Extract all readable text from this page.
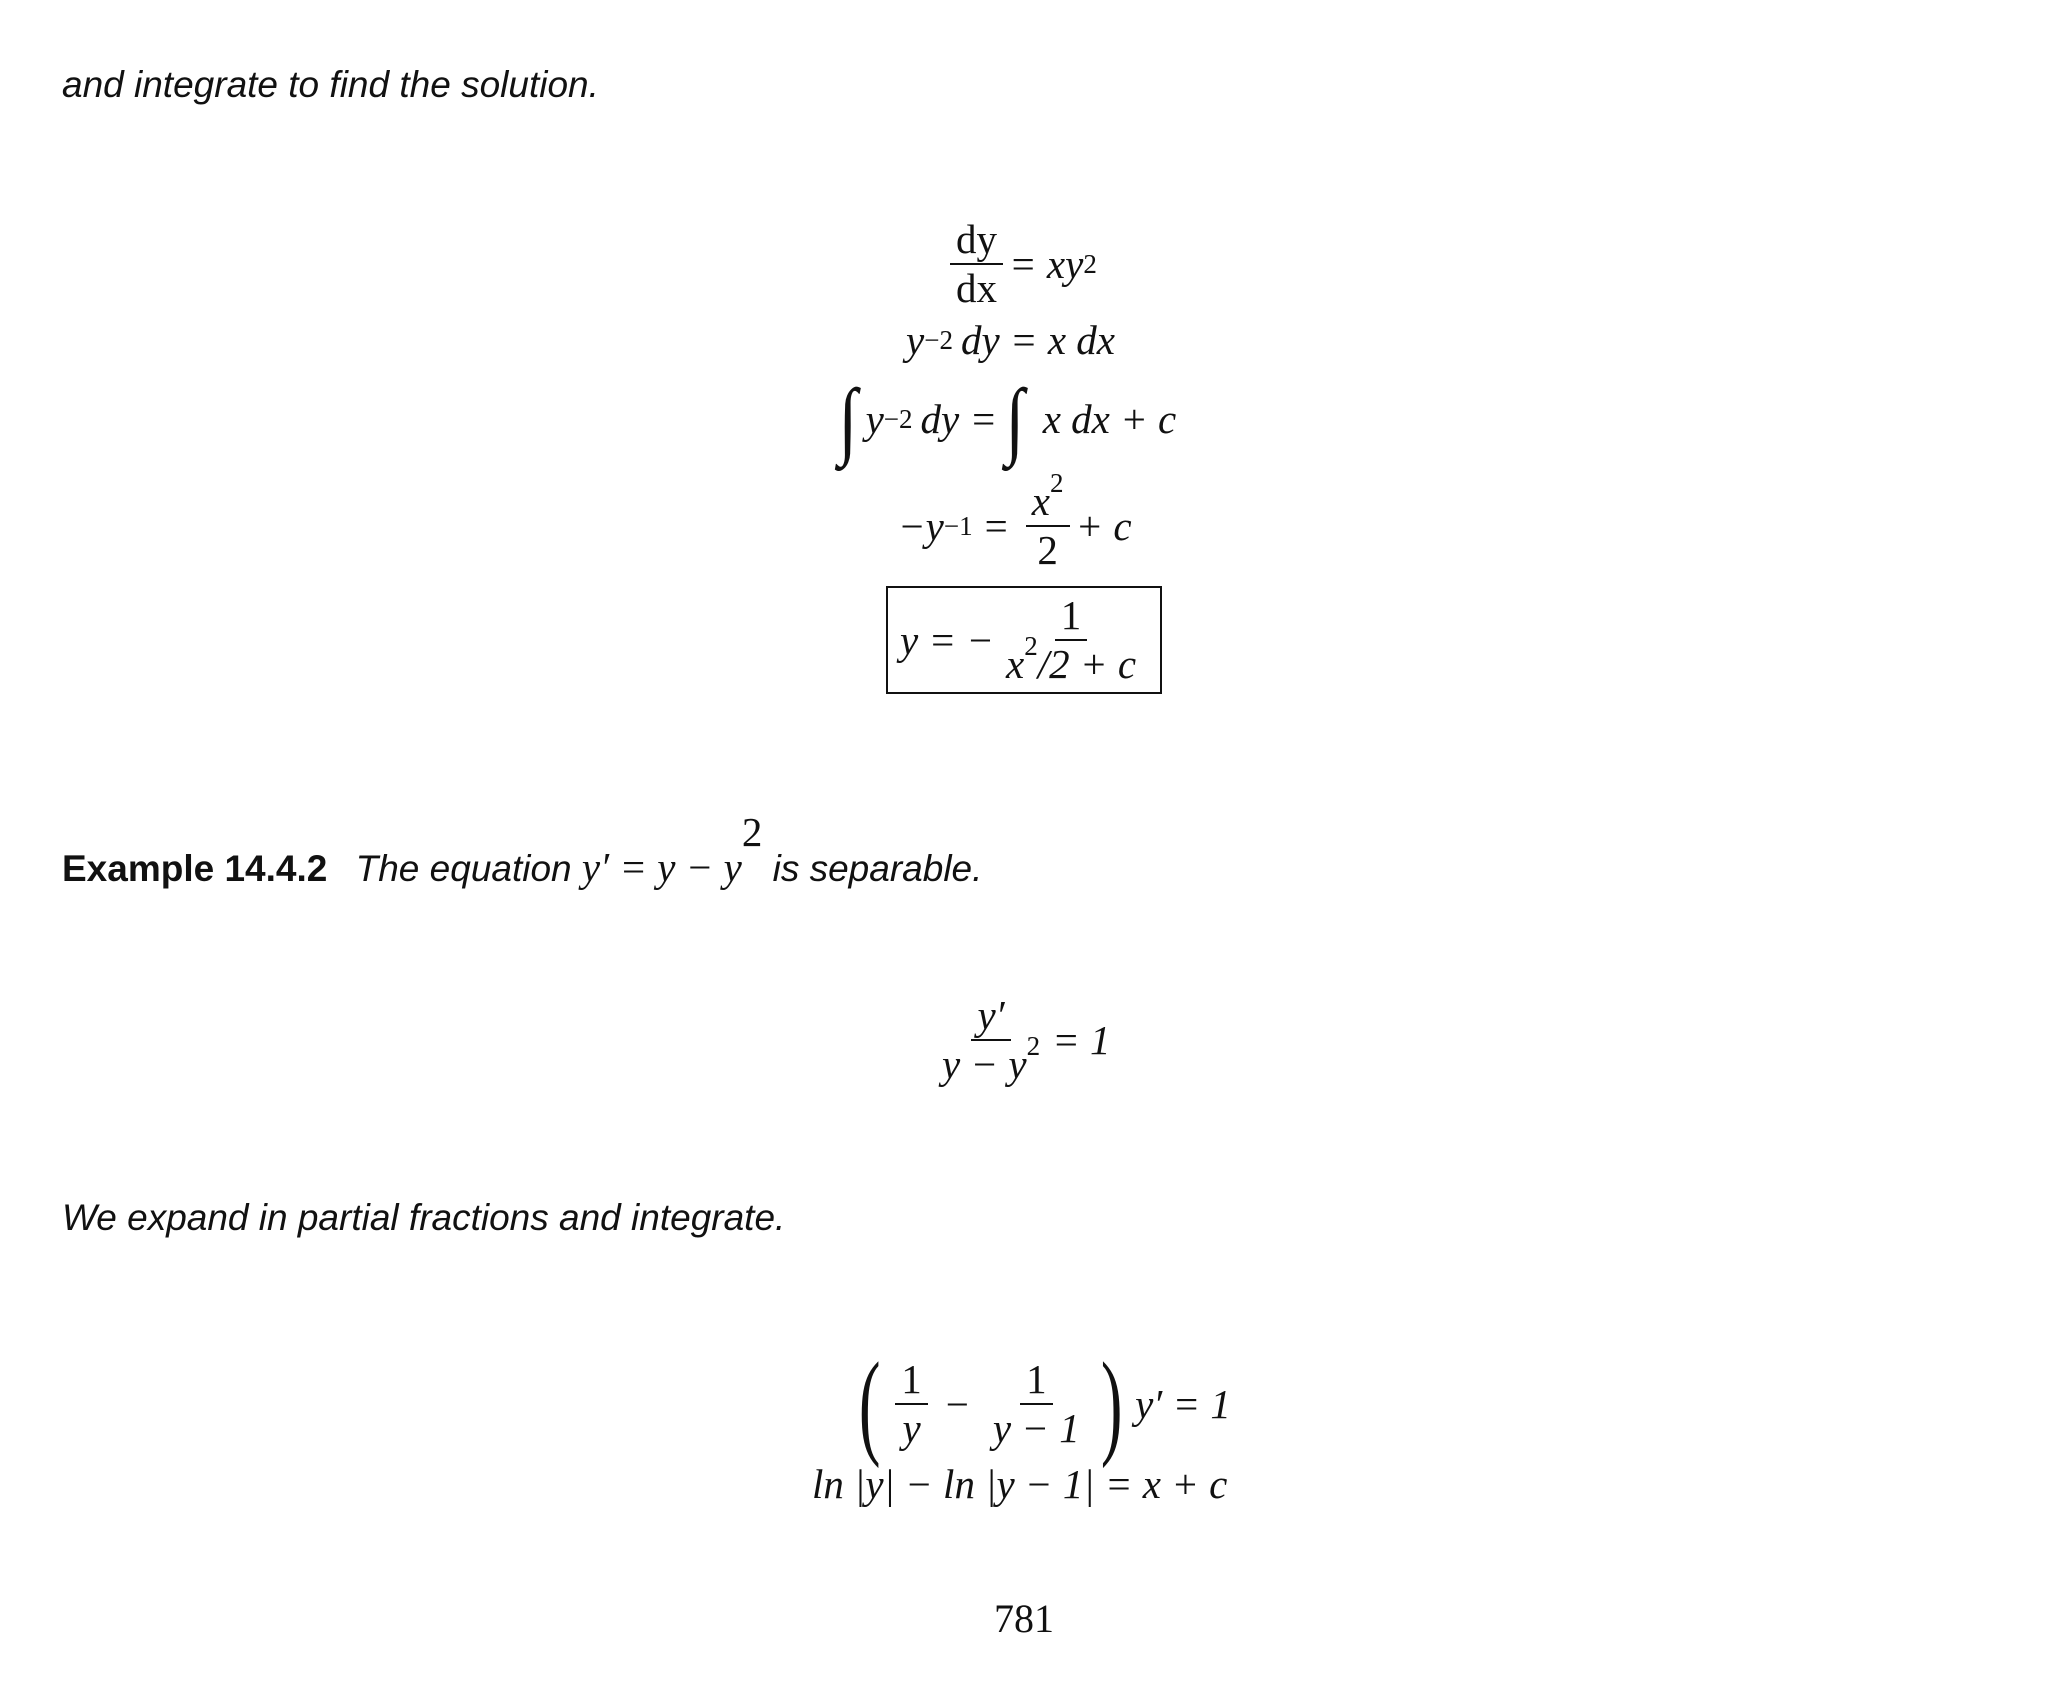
and integrate to find the solution.

$\frac{dy}{dx}$ = xy 2
y −2 dy = x dx
∫ y −2 dy = ∫ x dx + c
$-y -1 = \frac{x^2}{2} + c$
y = − $\frac{1}{x^2/2 + c}$
Example 14.4.2 The equation $y' = y - y^2$ is separable.
$\frac{y'}{y - y^2} = 1$

We expand in partial fractions and integrate.

( $\frac{1}{y} - \frac{1}{y - 1}$ ) y′ = 1
ln |y| − ln |y − 1| = x + c
781
